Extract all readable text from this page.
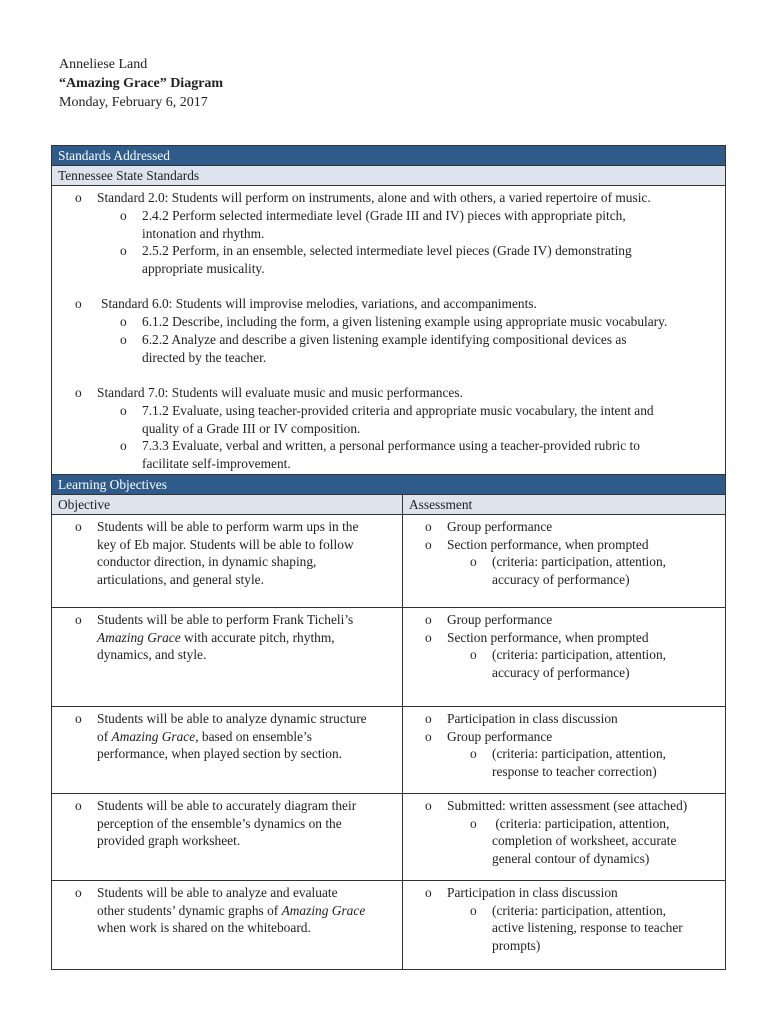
Anneliese Land
“Amazing Grace” Diagram
Monday, February 6, 2017
Standards Addressed
Tennessee State Standards
o Standard 2.0: Students will perform on instruments, alone and with others, a varied repertoire of music.
o 2.4.2 Perform selected intermediate level (Grade III and IV) pieces with appropriate pitch,
intonation and rhythm.
o 2.5.2 Perform, in an ensemble, selected intermediate level pieces (Grade IV) demonstrating
appropriate musicality.
o Standard 6.0: Students will improvise melodies, variations, and accompaniments.
o 6.1.2 Describe, including the form, a given listening example using appropriate music vocabulary.
o 6.2.2 Analyze and describe a given listening example identifying compositional devices as
directed by the teacher.
o Standard 7.0: Students will evaluate music and music performances.
o 7.1.2 Evaluate, using teacher-provided criteria and appropriate music vocabulary, the intent and
quality of a Grade III or IV composition.
o 7.3.3 Evaluate, verbal and written, a personal performance using a teacher-provided rubric to
facilitate self-improvement.
Learning Objectives
Objective	Assessment
o Students will be able to perform warm ups in the
key of Eb major. Students will be able to follow
conductor direction, in dynamic shaping,
articulations, and general style.
o Group performance
o Section performance, when prompted
o (criteria: participation, attention,
accuracy of performance)
o Students will be able to perform Frank Ticheli’s
Amazing Grace with accurate pitch, rhythm,
dynamics, and style.
o Group performance
o Section performance, when prompted
o (criteria: participation, attention,
accuracy of performance)
o Students will be able to analyze dynamic structure
of Amazing Grace, based on ensemble’s
performance, when played section by section.
o Participation in class discussion
o Group performance
o (criteria: participation, attention,
response to teacher correction)
o Students will be able to accurately diagram their
perception of the ensemble’s dynamics on the
provided graph worksheet.
o Submitted: written assessment (see attached)
o (criteria: participation, attention,
completion of worksheet, accurate
general contour of dynamics)
o Students will be able to analyze and evaluate
other students’ dynamic graphs of Amazing Grace
when work is shared on the whiteboard.
o Participation in class discussion
o (criteria: participation, attention,
active listening, response to teacher
prompts)
